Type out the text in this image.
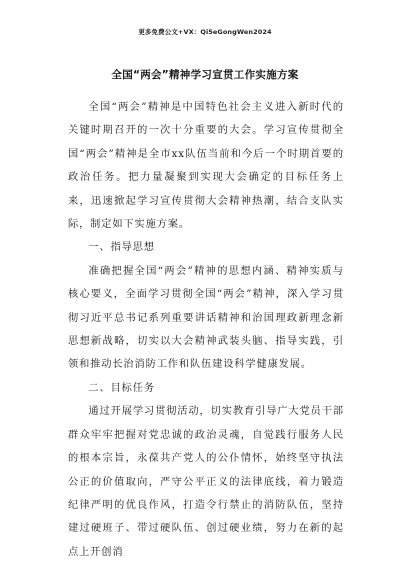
更多免费公文+VX：Qi5eGongWen2024
全国“两会”精神学习宣贯工作实施方案

全国“两会”精神是中国特色社会主义进入新时代的关键时期召开的一次十分重要的大会。学习宣传贯彻全国“两会”精神是全市xx队伍当前和今后一个时期首要的政治任务。把力量凝聚到实现大会确定的目标任务上来，迅速掀起学习宣传贯彻大会精神热潮，结合支队实际，制定如下实施方案。

一、指导思想

准确把握全国“两会”精神的思想内涵、精神实质与核心要义，全面学习贯彻全国“两会”精神，深入学习贯彻习近平总书记系列重要讲话精神和治国理政新理念新思想新战略，切实以大会精神武装头脑、指导实践，引领和推动长治消防工作和队伍建设科学健康发展。

二、目标任务

通过开展学习贯彻活动，切实教育引导广大党员干部群众牢牢把握对党忠诚的政治灵魂，自觉践行服务人民的根本宗旨，永葆共产党人的公仆情怀，始终坚守执法公正的价值取向，严守公平正义的法律底线，着力锻造纪律严明的优良作风，打造令行禁止的消防队伍，坚持建过硬班子、带过硬队伍、创过硬业绩，努力在新的起点上开创消
